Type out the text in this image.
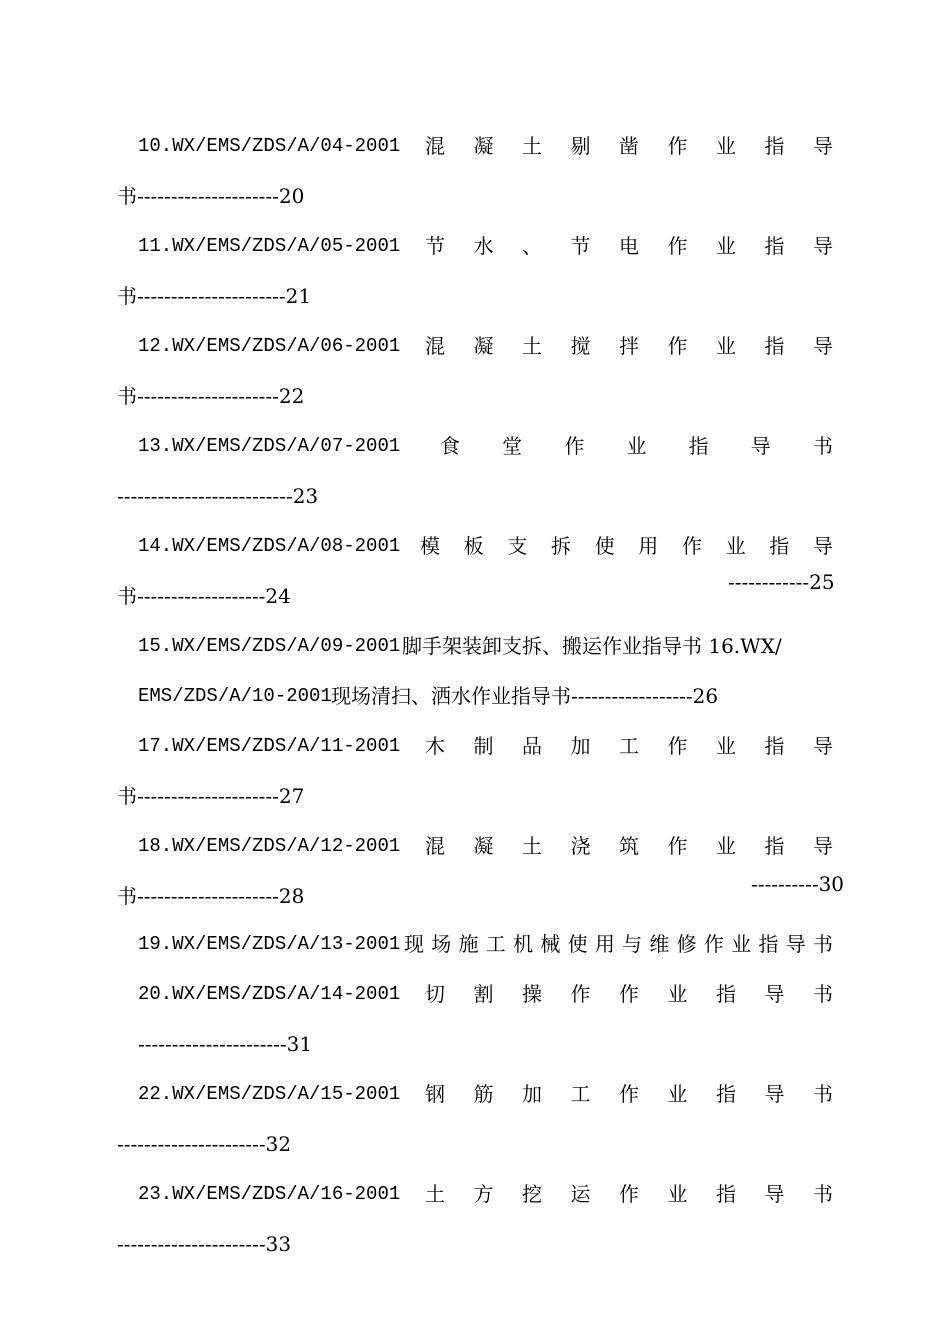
10.WX/EMS/ZDS/A/04-2001 混 凝 土 剔 凿 作 业 指 导
书---------------------20
11.WX/EMS/ZDS/A/05-2001 节 水 、 节 电 作 业 指 导
书----------------------21
12.WX/EMS/ZDS/A/06-2001 混 凝 土 搅 拌 作 业 指 导
书---------------------22
13.WX/EMS/ZDS/A/07-2001 食 堂 作 业 指 导 书
--------------------------23
14.WX/EMS/ZDS/A/08-2001 模 板 支 拆 使 用 作 业 指 导
------------25
书-------------------24
15.WX/EMS/ZDS/A/09-2001 脚手架装卸支拆、搬运作业指导书 16.WX/
EMS/ZDS/A/10-2001 现场清扫、洒水作业指导书------------------26
17.WX/EMS/ZDS/A/11-2001 木 制 品 加 工 作 业 指 导
书---------------------27
18.WX/EMS/ZDS/A/12-2001 混 凝 土 浇 筑 作 业 指 导
----------30
书---------------------28
19.WX/EMS/ZDS/A/13-2001 现 场 施 工 机 械 使 用 与 维 修 作 业 指 导 书
20.WX/EMS/ZDS/A/14-2001 切 割 操 作 作 业 指 导 书
----------------------31
22.WX/EMS/ZDS/A/15-2001 钢 筋 加 工 作 业 指 导 书
----------------------32
23.WX/EMS/ZDS/A/16-2001 土 方 挖 运 作 业 指 导 书
----------------------33
